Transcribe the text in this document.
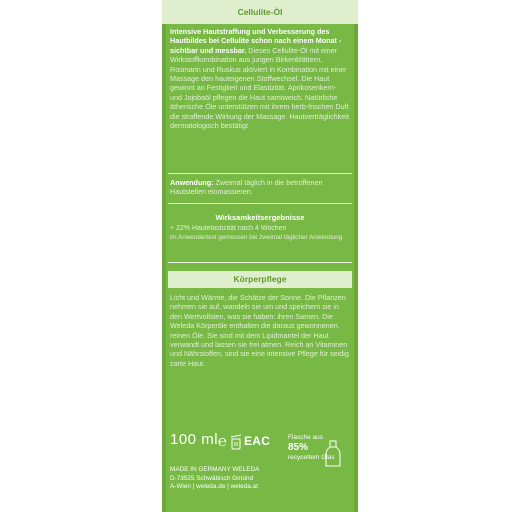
Cellulite-Öl
Intensive Hautstraffung und Verbesserung des Hautbildes bei Cellulite schon nach einem Monat - sichtbar und messbar. Dieses Cellulite-Öl mit einer Wirkstoffkombination aus jungen Birkenblättern, Rosmarin und Ruskus aktiviert in Kombination mit einer Massage den hauteigenen Stoffwechsel. Die Haut gewinnt an Festigkeit und Elastizität. Aprikosenkern- und Jojobaöl pflegen die Haut samtweich. Natürliche ätherische Öle unterstützen mit ihrem herb-frischen Duft die straffende Wirkung der Massage. Hautverträglichkeit dermatologisch bestätigt
Anwendung: Zweimal täglich in die betroffenen Hautstellen einmassieren.
Wirksamkeitsergebnisse
+ 22% Hautelastizität nach 4 Wochen
im Anwendertest gemessen bei zweimal täglicher Anwendung
Körperpflege
Licht und Wärme, die Schätze der Sonne. Die Pflanzen nehmen sie auf, wandeln sie um und speichern sie in den Wertvollsten, was sie haben: ihren Samen. Die Weleda Körperöle enthalten die daraus gewonnenen, reinen Öle. Sie sind mit dem Lipidmantel der Haut verwandt und lassen sie frei atmen. Reich an Vitaminen und Nährstoffen, sind sie eine intensive Pflege für seidig zarte Haut.
100 ml ℮ M EAC	Flasche aus
85%
recyceltem Glas
MADE IN GERMANY WELEDA
D-73525 Schwäbisch Gmünd
A-Wien | weleda.de | weleda.at
